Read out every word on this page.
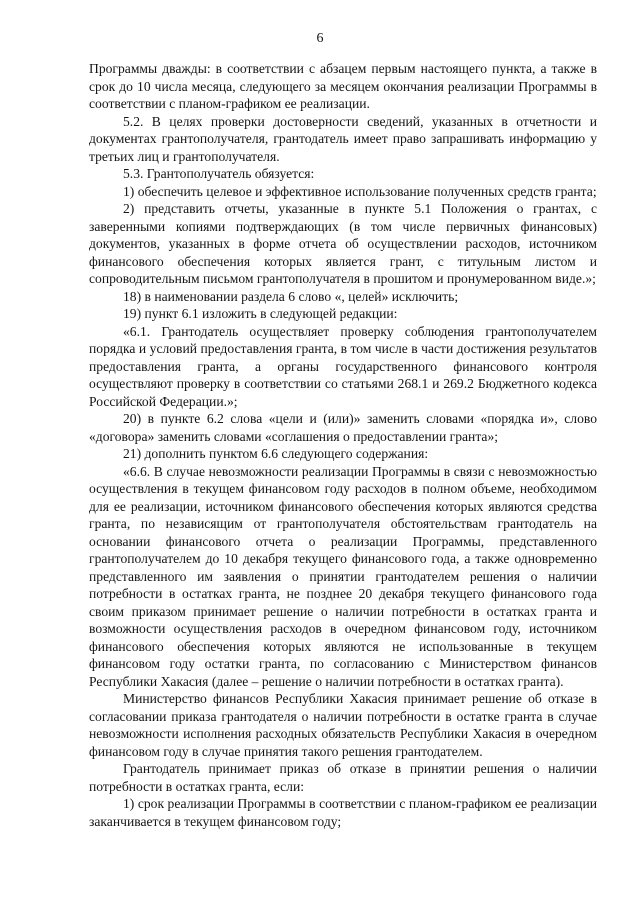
6

Программы дважды: в соответствии с абзацем первым настоящего пункта, а также в срок до 10 числа месяца, следующего за месяцем окончания реализации Программы в соответствии с планом-графиком ее реализации.

5.2. В целях проверки достоверности сведений, указанных в отчетности и документах грантополучателя, грантодатель имеет право запрашивать информацию у третьих лиц и грантополучателя.

5.3. Грантополучатель обязуется:

1) обеспечить целевое и эффективное использование полученных средств гранта;

2) представить отчеты, указанные в пункте 5.1 Положения о грантах, с заверенными копиями подтверждающих (в том числе первичных финансовых) документов, указанных в форме отчета об осуществлении расходов, источником финансового обеспечения которых является грант, с титульным листом и сопроводительным письмом грантополучателя в прошитом и пронумерованном виде.»;

18) в наименовании раздела 6 слово «, целей» исключить;

19) пункт 6.1 изложить в следующей редакции:

«6.1. Грантодатель осуществляет проверку соблюдения грантополучателем порядка и условий предоставления гранта, в том числе в части достижения результатов предоставления гранта, а органы государственного финансового контроля осуществляют проверку в соответствии со статьями 268.1 и 269.2 Бюджетного кодекса Российской Федерации.»;

20) в пункте 6.2 слова «цели и (или)» заменить словами «порядка и», слово «договора» заменить словами «соглашения о предоставлении гранта»;

21) дополнить пунктом 6.6 следующего содержания:

«6.6. В случае невозможности реализации Программы в связи с невозможностью осуществления в текущем финансовом году расходов в полном объеме, необходимом для ее реализации, источником финансового обеспечения которых являются средства гранта, по независящим от грантополучателя обстоятельствам грантодатель на основании финансового отчета о реализации Программы, представленного грантополучателем до 10 декабря текущего финансового года, а также одновременно представленного им заявления о принятии грантодателем решения о наличии потребности в остатках гранта, не позднее 20 декабря текущего финансового года своим приказом принимает решение о наличии потребности в остатках гранта и возможности осуществления расходов в очередном финансовом году, источником финансового обеспечения которых являются не использованные в текущем финансовом году остатки гранта, по согласованию с Министерством финансов Республики Хакасия (далее – решение о наличии потребности в остатках гранта).

Министерство финансов Республики Хакасия принимает решение об отказе в согласовании приказа грантодателя о наличии потребности в остатке гранта в случае невозможности исполнения расходных обязательств Республики Хакасия в очередном финансовом году в случае принятия такого решения грантодателем.

Грантодатель принимает приказ об отказе в принятии решения о наличии потребности в остатках гранта, если:

1) срок реализации Программы в соответствии с планом-графиком ее реализации заканчивается в текущем финансовом году;
